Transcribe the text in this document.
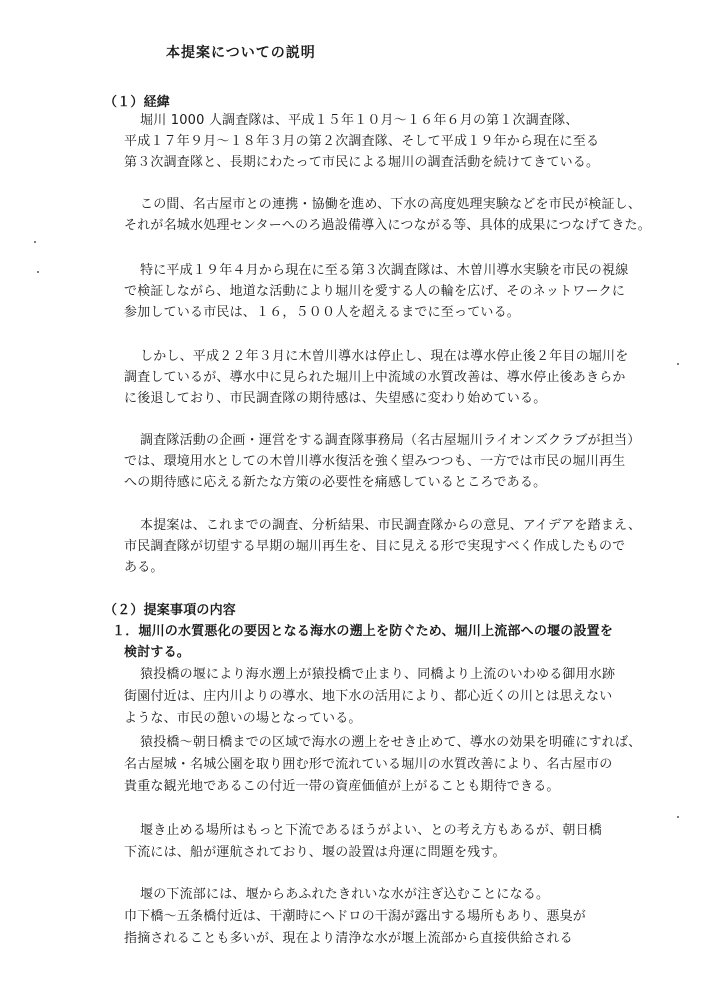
本提案についての説明
（１）経緯
堀川 1000 人調査隊は、平成１５年１０月～１６年６月の第１次調査隊、
平成１７年９月～１８年３月の第２次調査隊、そして平成１９年から現在に至る
第３次調査隊と、長期にわたって市民による堀川の調査活動を続けてきている。
この間、名古屋市との連携・協働を進め、下水の高度処理実験などを市民が検証し、
それが名城水処理センターへのろ過設備導入につながる等、具体的成果につなげてきた。
特に平成１９年４月から現在に至る第３次調査隊は、木曽川導水実験を市民の視線
で検証しながら、地道な活動により堀川を愛する人の輪を広げ、そのネットワークに
参加している市民は、１６，５００人を超えるまでに至っている。
しかし、平成２２年３月に木曽川導水は停止し、現在は導水停止後２年目の堀川を
調査しているが、導水中に見られた堀川上中流域の水質改善は、導水停止後あきらか
に後退しており、市民調査隊の期待感は、失望感に変わり始めている。
調査隊活動の企画・運営をする調査隊事務局（名古屋堀川ライオンズクラブが担当）
では、環境用水としての木曽川導水復活を強く望みつつも、一方では市民の堀川再生
への期待感に応える新たな方策の必要性を痛感しているところである。
本提案は、これまでの調査、分析結果、市民調査隊からの意見、アイデアを踏まえ、
市民調査隊が切望する早期の堀川再生を、目に見える形で実現すべく作成したもので
ある。
（２）提案事項の内容
１．堀川の水質悪化の要因となる海水の遡上を防ぐため、堀川上流部への堰の設置を
検討する。
猿投橋の堰により海水遡上が猿投橋で止まり、同橋より上流のいわゆる御用水跡
街園付近は、庄内川よりの導水、地下水の活用により、都心近くの川とは思えない
ような、市民の憩いの場となっている。
猿投橋～朝日橋までの区域で海水の遡上をせき止めて、導水の効果を明確にすれば、
名古屋城・名城公園を取り囲む形で流れている堀川の水質改善により、名古屋市の
貴重な観光地であるこの付近一帯の資産価値が上がることも期待できる。
堰き止める場所はもっと下流であるほうがよい、との考え方もあるが、朝日橋
下流には、船が運航されており、堰の設置は舟運に問題を残す。
堰の下流部には、堰からあふれたきれいな水が注ぎ込むことになる。
巾下橋～五条橋付近は、干潮時にヘドロの干潟が露出する場所もあり、悪臭が
指摘されることも多いが、現在より清浄な水が堰上流部から直接供給される
